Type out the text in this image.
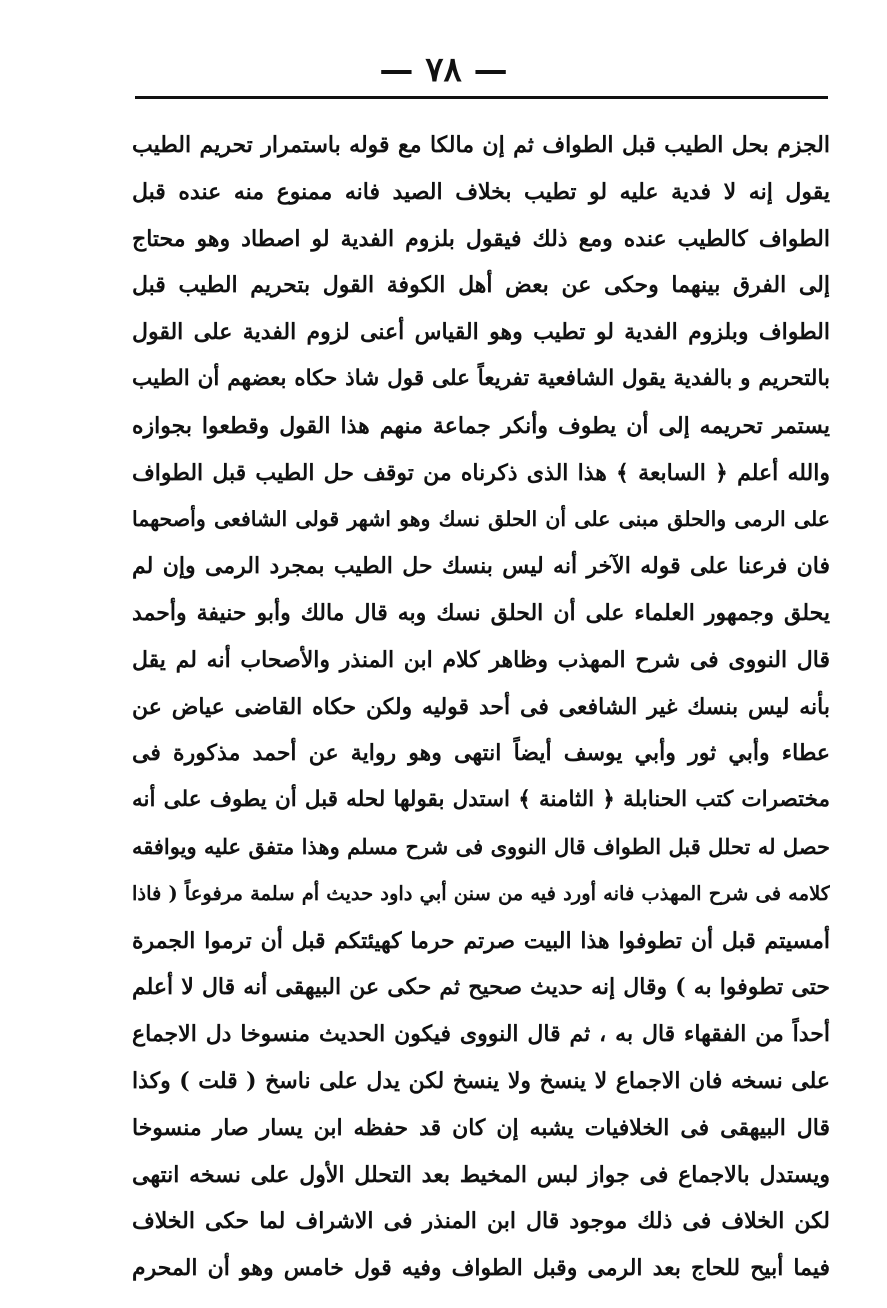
— ٧٨ —
الجزم بحل الطيب قبل الطواف ثم إن مالكا مع قوله باستمرار تحريم الطيب
يقول إنه لا فدية عليه لو تطيب بخلاف الصيد فانه ممنوع منه عنده قبل
الطواف كالطيب عنده ومع ذلك فيقول بلزوم الفدية لو اصطاد وهو محتاج
إلى الفرق بينهما وحكى عن بعض أهل الكوفة القول بتحريم الطيب قبل
الطواف وبلزوم الفدية لو تطيب وهو القياس أعنى لزوم الفدية على القول
بالتحريم و بالفدية يقول الشافعية تفريعاً على قول شاذ حكاه بعضهم أن الطيب
يستمر تحريمه إلى أن يطوف وأنكر جماعة منهم هذا القول وقطعوا بجوازه
والله أعلم ﴿ السابعة ﴾ هذا الذى ذكرناه من توقف حل الطيب قبل الطواف
على الرمى والحلق مبنى على أن الحلق نسك وهو اشهر قولى الشافعى وأصحهما
فان فرعنا على قوله الآخر أنه ليس بنسك حل الطيب بمجرد الرمى وإن لم
يحلق وجمهور العلماء على أن الحلق نسك وبه قال مالك وأبو حنيفة وأحمد
قال النووى فى شرح المهذب وظاهر كلام ابن المنذر والأصحاب أنه لم يقل
بأنه ليس بنسك غير الشافعى فى أحد قوليه ولكن حكاه القاضى عياض عن
عطاء وأبي ثور وأبي يوسف أيضاً انتهى وهو رواية عن أحمد مذكورة فى
مختصرات كتب الحنابلة ﴿ الثامنة ﴾ استدل بقولها لحله قبل أن يطوف على أنه
حصل له تحلل قبل الطواف قال النووى فى شرح مسلم وهذا متفق عليه ويوافقه
كلامه فى شرح المهذب فانه أورد فيه من سنن أبي داود حديث أم سلمة مرفوعاً ( فاذا
أمسيتم قبل أن تطوفوا هذا البيت صرتم حرما كهيئتكم قبل أن ترموا الجمرة
حتى تطوفوا به ) وقال إنه حديث صحيح ثم حكى عن البيهقى أنه قال لا أعلم
أحداً من الفقهاء قال به ، ثم قال النووى فيكون الحديث منسوخا دل الاجماع
على نسخه فان الاجماع لا ينسخ ولا ينسخ لكن يدل على ناسخ ( قلت ) وكذا
قال البيهقى فى الخلافيات يشبه إن كان قد حفظه ابن يسار صار منسوخا
ويستدل بالاجماع فى جواز لبس المخيط بعد التحلل الأول على نسخه انتهى
لكن الخلاف فى ذلك موجود قال ابن المنذر فى الاشراف لما حكى الخلاف
فيما أبيح للحاج بعد الرمى وقبل الطواف وفيه قول خامس وهو أن المحرم
